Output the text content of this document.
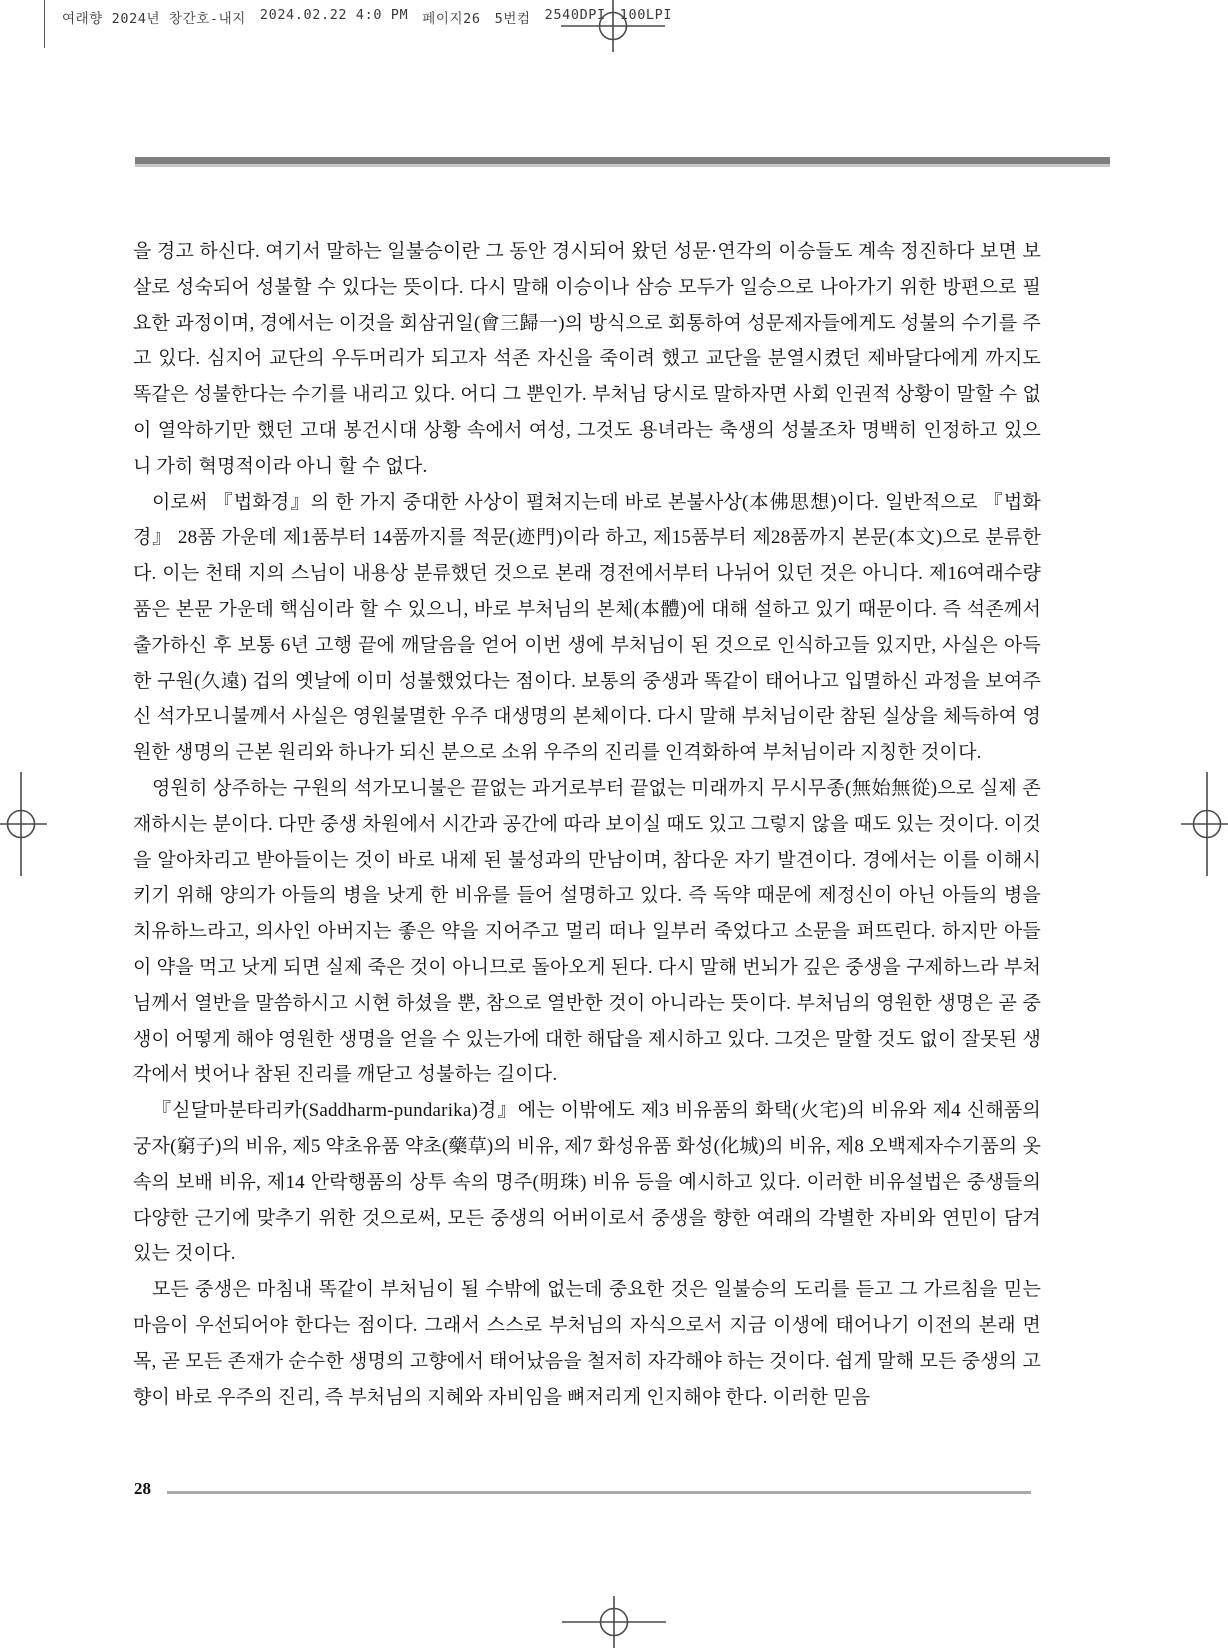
여래향 2024년 창간호-내지 2024.02.22 4:0 PM 페이지26 5번컴 2540DPI 100LPI

을 경고 하신다. 여기서 말하는 일불승이란 그 동안 경시되어 왔던 성문·연각의 이승들도 계속 정진하다 보면 보살로 성숙되어 성불할 수 있다는 뜻이다. 다시 말해 이승이나 삼승 모두가 일승으로 나아가기 위한 방편으로 필요한 과정이며, 경에서는 이것을 회삼귀일(會三歸一)의 방식으로 회통하여 성문제자들에게도 성불의 수기를 주고 있다. 심지어 교단의 우두머리가 되고자 석존 자신을 죽이려 했고 교단을 분열시켰던 제바달다에게 까지도 똑같은 성불한다는 수기를 내리고 있다. 어디 그 뿐인가. 부처님 당시로 말하자면 사회 인권적 상황이 말할 수 없이 열악하기만 했던 고대 봉건시대 상황 속에서 여성, 그것도 용녀라는 축생의 성불조차 명백히 인정하고 있으니 가히 혁명적이라 아니 할 수 없다.

이로써 『법화경』의 한 가지 중대한 사상이 펼쳐지는데 바로 본불사상(本佛思想)이다. 일반적으로 『법화경』 28품 가운데 제1품부터 14품까지를 적문(迹門)이라 하고, 제15품부터 제28품까지 본문(本文)으로 분류한다. 이는 천태 지의 스님이 내용상 분류했던 것으로 본래 경전에서부터 나뉘어 있던 것은 아니다. 제16여래수량품은 본문 가운데 핵심이라 할 수 있으니, 바로 부처님의 본체(本體)에 대해 설하고 있기 때문이다. 즉 석존께서 출가하신 후 보통 6년 고행 끝에 깨달음을 얻어 이번 생에 부처님이 된 것으로 인식하고들 있지만, 사실은 아득한 구원(久遠) 겁의 옛날에 이미 성불했었다는 점이다. 보통의 중생과 똑같이 태어나고 입멸하신 과정을 보여주신 석가모니불께서 사실은 영원불멸한 우주 대생명의 본체이다. 다시 말해 부처님이란 참된 실상을 체득하여 영원한 생명의 근본 원리와 하나가 되신 분으로 소위 우주의 진리를 인격화하여 부처님이라 지칭한 것이다.

영원히 상주하는 구원의 석가모니불은 끝없는 과거로부터 끝없는 미래까지 무시무종(無始無從)으로 실제 존재하시는 분이다. 다만 중생 차원에서 시간과 공간에 따라 보이실 때도 있고 그렇지 않을 때도 있는 것이다. 이것을 알아차리고 받아들이는 것이 바로 내제 된 불성과의 만남이며, 참다운 자기 발견이다. 경에서는 이를 이해시키기 위해 양의가 아들의 병을 낫게 한 비유를 들어 설명하고 있다. 즉 독약 때문에 제정신이 아닌 아들의 병을 치유하느라고, 의사인 아버지는 좋은 약을 지어주고 멀리 떠나 일부러 죽었다고 소문을 퍼뜨린다. 하지만 아들이 약을 먹고 낫게 되면 실제 죽은 것이 아니므로 돌아오게 된다. 다시 말해 번뇌가 깊은 중생을 구제하느라 부처님께서 열반을 말씀하시고 시현 하셨을 뿐, 참으로 열반한 것이 아니라는 뜻이다. 부처님의 영원한 생명은 곧 중생이 어떻게 해야 영원한 생명을 얻을 수 있는가에 대한 해답을 제시하고 있다. 그것은 말할 것도 없이 잘못된 생각에서 벗어나 참된 진리를 깨닫고 성불하는 길이다.

『싣달마분타리카(Saddharm-pundarika)경』에는 이밖에도 제3 비유품의 화택(火宅)의 비유와 제4 신해품의 궁자(窮子)의 비유, 제5 약초유품 약초(藥草)의 비유, 제7 화성유품 화성(化城)의 비유, 제8 오백제자수기품의 옷 속의 보배 비유, 제14 안락행품의 상투 속의 명주(明珠) 비유 등을 예시하고 있다. 이러한 비유설법은 중생들의 다양한 근기에 맞추기 위한 것으로써, 모든 중생의 어버이로서 중생을 향한 여래의 각별한 자비와 연민이 담겨 있는 것이다.

모든 중생은 마침내 똑같이 부처님이 될 수밖에 없는데 중요한 것은 일불승의 도리를 듣고 그 가르침을 믿는 마음이 우선되어야 한다는 점이다. 그래서 스스로 부처님의 자식으로서 지금 이생에 태어나기 이전의 본래 면목, 곧 모든 존재가 순수한 생명의 고향에서 태어났음을 철저히 자각해야 하는 것이다. 쉽게 말해 모든 중생의 고향이 바로 우주의 진리, 즉 부처님의 지혜와 자비임을 뼈저리게 인지해야 한다. 이러한 믿음

28
